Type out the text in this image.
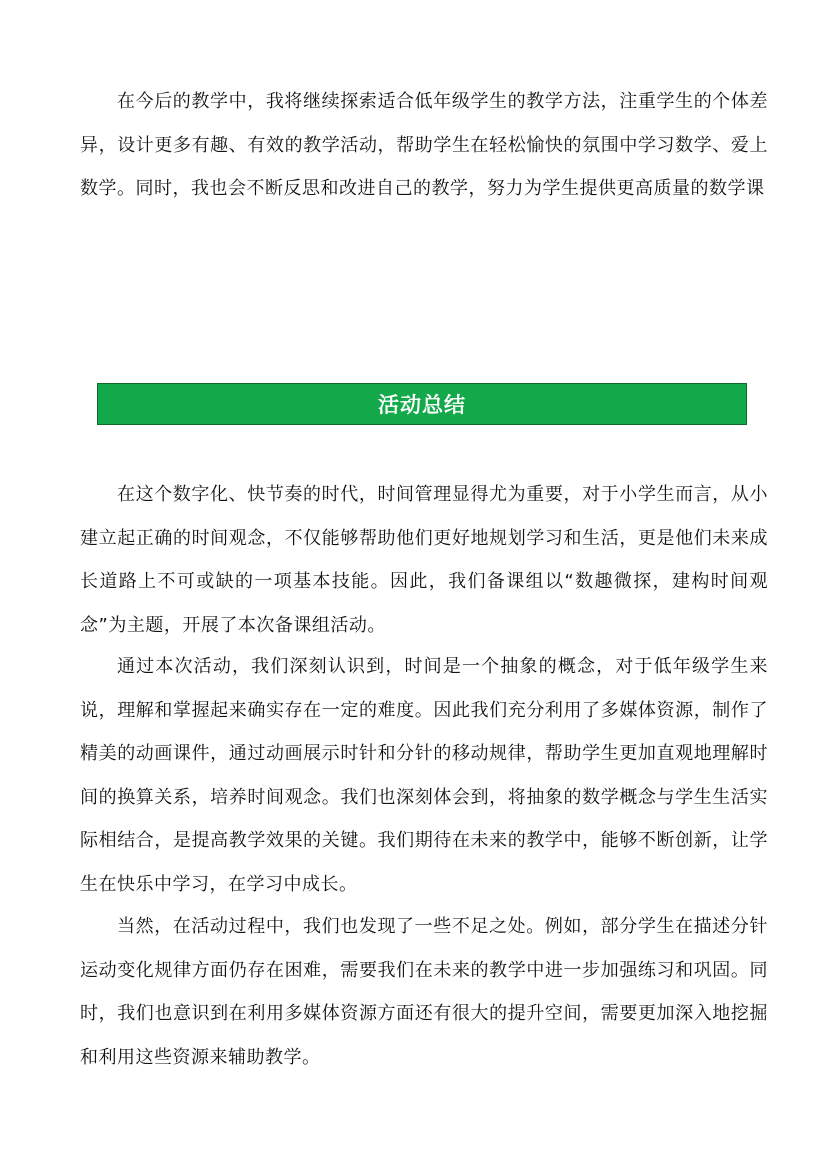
在今后的教学中，我将继续探索适合低年级学生的教学方法，注重学生的个体差异，设计更多有趣、有效的教学活动，帮助学生在轻松愉快的氛围中学习数学、爱上数学。同时，我也会不断反思和改进自己的教学，努力为学生提供更高质量的数学课

活动总结

在这个数字化、快节奏的时代，时间管理显得尤为重要，对于小学生而言，从小建立起正确的时间观念，不仅能够帮助他们更好地规划学习和生活，更是他们未来成长道路上不可或缺的一项基本技能。因此，我们备课组以“数趣微探，建构时间观念”为主题，开展了本次备课组活动。

通过本次活动，我们深刻认识到，时间是一个抽象的概念，对于低年级学生来说，理解和掌握起来确实存在一定的难度。因此我们充分利用了多媒体资源，制作了精美的动画课件，通过动画展示时针和分针的移动规律，帮助学生更加直观地理解时间的换算关系，培养时间观念。我们也深刻体会到，将抽象的数学概念与学生生活实际相结合，是提高教学效果的关键。我们期待在未来的教学中，能够不断创新，让学生在快乐中学习，在学习中成长。

当然，在活动过程中，我们也发现了一些不足之处。例如，部分学生在描述分针运动变化规律方面仍存在困难，需要我们在未来的教学中进一步加强练习和巩固。同时，我们也意识到在利用多媒体资源方面还有很大的提升空间，需要更加深入地挖掘和利用这些资源来辅助教学。
